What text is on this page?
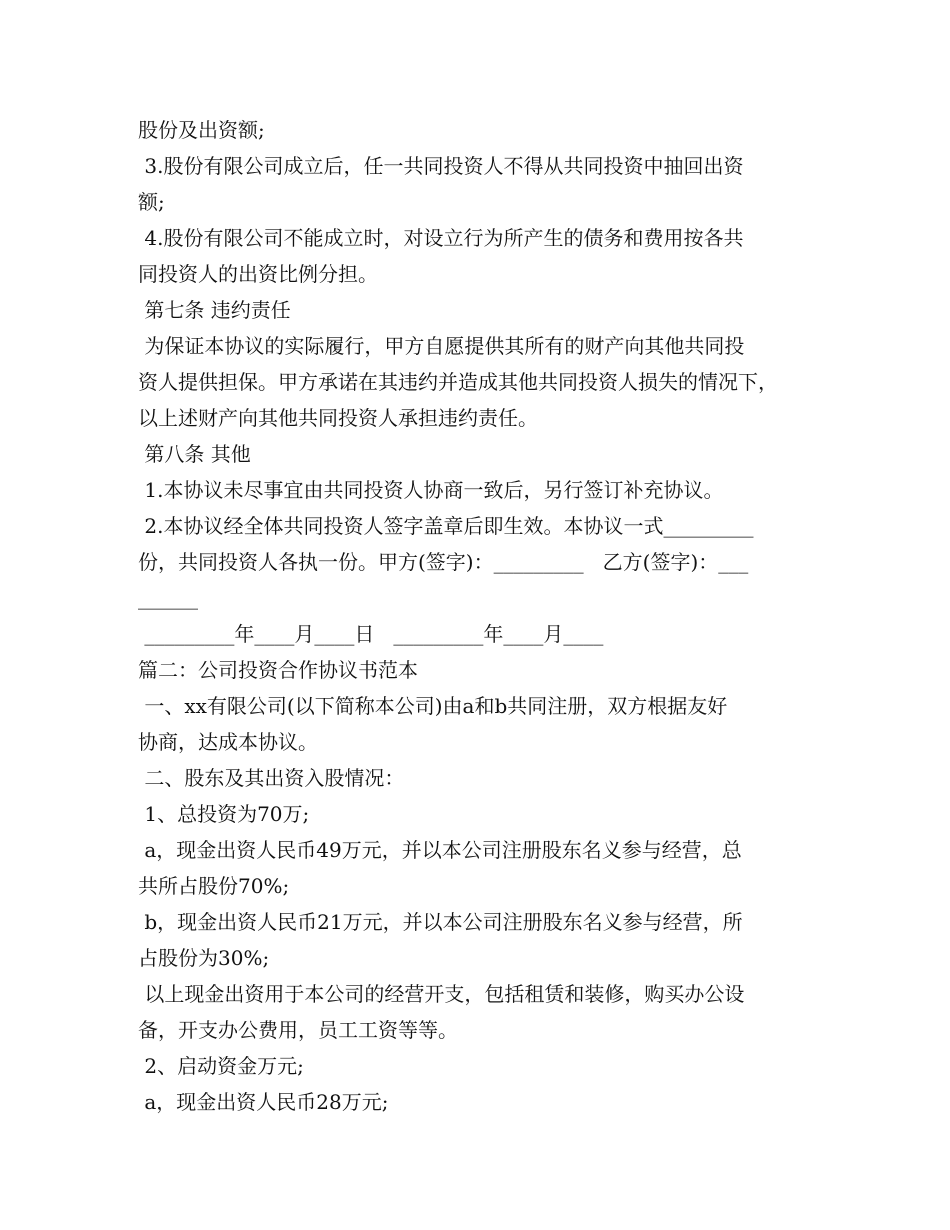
股份及出资额;
3.股份有限公司成立后，任一共同投资人不得从共同投资中抽回出资
额;
4.股份有限公司不能成立时，对设立行为所产生的债务和费用按各共
同投资人的出资比例分担。
第七条 违约责任
为保证本协议的实际履行，甲方自愿提供其所有的财产向其他共同投
资人提供担保。甲方承诺在其违约并造成其他共同投资人损失的情况下，
以上述财产向其他共同投资人承担违约责任。
第八条 其他
1.本协议未尽事宜由共同投资人协商一致后，另行签订补充协议。
2.本协议经全体共同投资人签字盖章后即生效。本协议一式_________
份，共同投资人各执一份。甲方(签字)：_________   乙方(签字)：___
______
_________年____月____日   _________年____月____
篇二：公司投资合作协议书范本
一、xx有限公司(以下简称本公司)由a和b共同注册，双方根据友好
协商，达成本协议。
二、股东及其出资入股情况：
1、总投资为70万;
a，现金出资人民币49万元，并以本公司注册股东名义参与经营，总
共所占股份70%;
b，现金出资人民币21万元，并以本公司注册股东名义参与经营，所
占股份为30%;
以上现金出资用于本公司的经营开支，包括租赁和装修，购买办公设
备，开支办公费用，员工工资等等。
2、启动资金万元;
a，现金出资人民币28万元;
